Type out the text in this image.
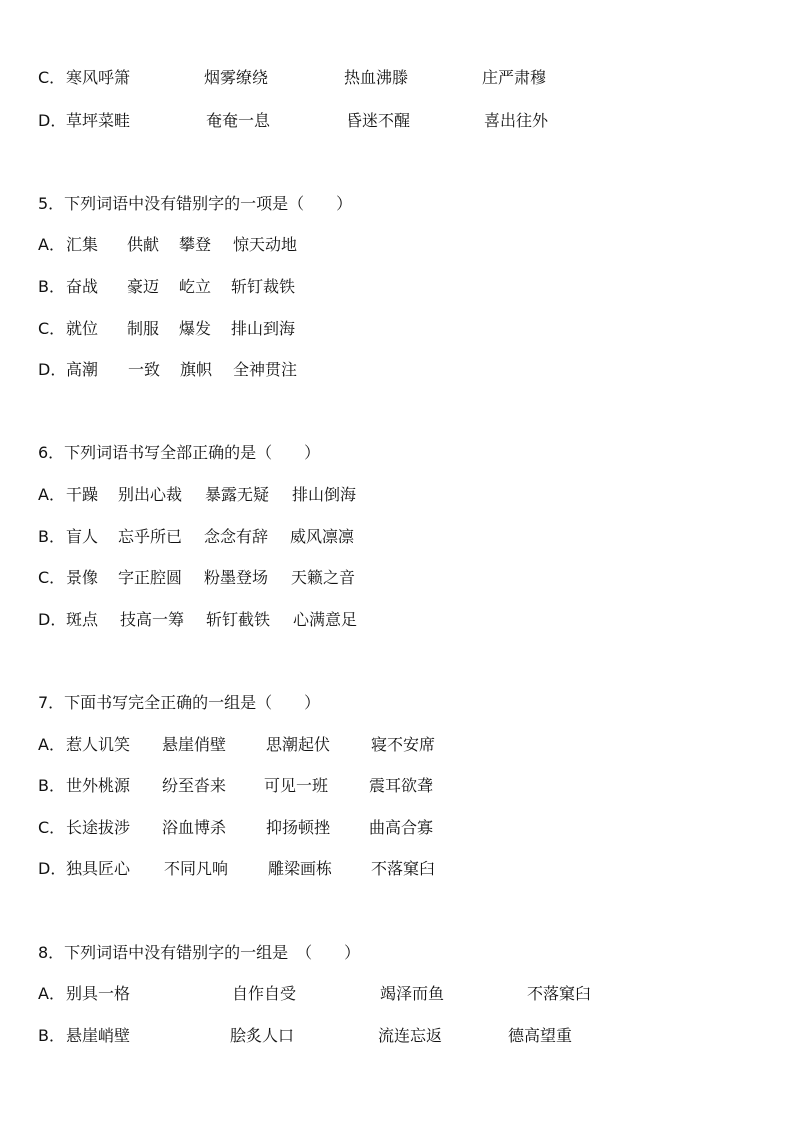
C． 寒风呼箫	烟雾缭绕	热血沸滕	庄严肃穆
D． 草坪菜畦	奄奄一息	昏迷不醒	喜出往外
5．下列词语中没有错别字的一项是（　　）
A． 汇集 供献 攀登 惊天动地
B． 奋战 豪迈 屹立 斩钉裁铁
C． 就位 制服 爆发 排山到海
D． 高潮 一致 旗帜 全神贯注
6．下列词语书写全部正确的是（　　）
A． 干躁 别出心裁 暴露无疑 排山倒海
B． 盲人 忘乎所已 念念有辞 威风凛凛
C． 景像 字正腔圆 粉墨登场 天籁之音
D． 斑点 技高一筹 斩钉截铁 心满意足
7．下面书写完全正确的一组是（　　）
A． 惹人讥笑 悬崖俏壁 思潮起伏	寝不安席
B． 世外桃源 纷至沓来 可见一班	震耳欲聋
C． 长途拔涉 浴血博杀 抑扬顿挫 曲高合寡
D． 独具匠心 不同凡响 雕梁画栋 不落窠臼
8．下列词语中没有错别字的一组是　（　　）
A． 别具一格	自作自受	竭泽而鱼	不落窠臼
B． 悬崖峭壁	脍炙人口	流连忘返	德高望重
